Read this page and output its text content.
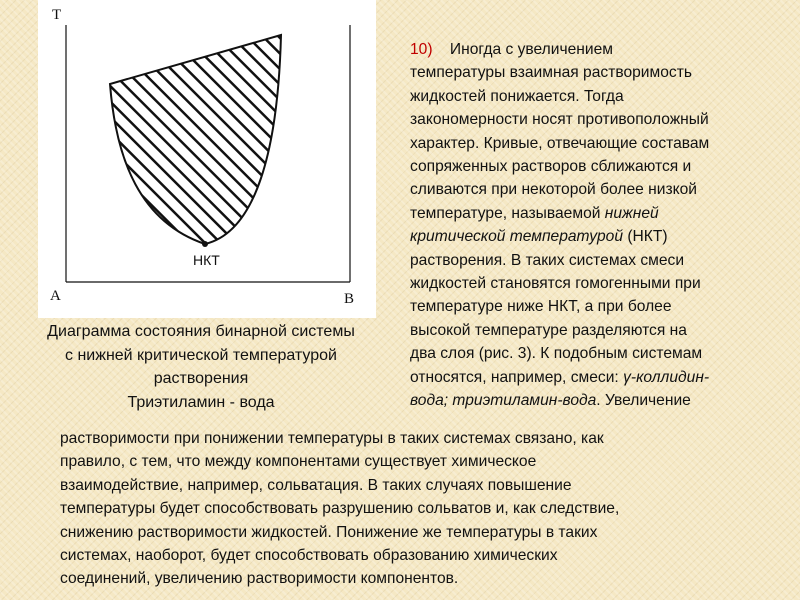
T
A	B
НКТ
Диаграмма состояния бинарной системы
с нижней критической температурой
растворения
Триэтиламин - вода
10)    Иногда с увеличением
температуры взаимная растворимость
жидкостей понижается. Тогда
закономерности носят противоположный
характер. Кривые, отвечающие составам
сопряженных растворов сближаются и
сливаются при некоторой более низкой
температуре, называемой нижней
критической температурой (НКТ)
растворения. В таких системах смеси
жидкостей становятся гомогенными при
температуре ниже НКТ, а при более
высокой температуре разделяются на
два слоя (рис. 3). К подобным системам
относятся, например, смеси: γ-коллидин-
вода; триэтиламин-вода. Увеличение
растворимости при понижении температуры в таких системах связано, как
правило, с тем, что между компонентами существует химическое
взаимодействие, например, сольватация. В таких случаях повышение
температуры будет способствовать разрушению сольватов и, как следствие,
снижению растворимости жидкостей. Понижение же температуры в таких
системах, наоборот, будет способствовать образованию химических
соединений, увеличению растворимости компонентов.
